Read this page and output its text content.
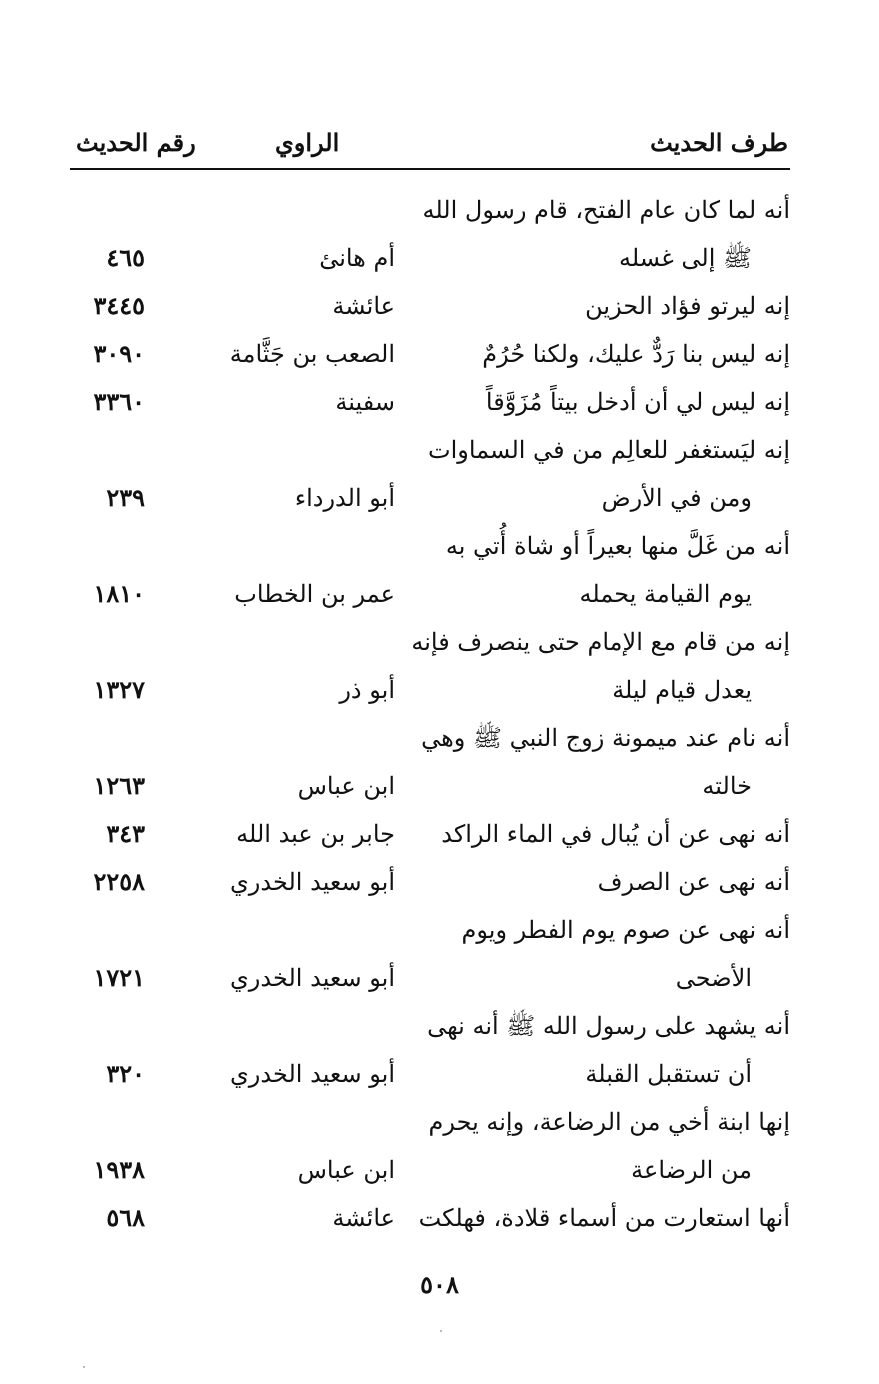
طرف الحديث
الراوي
رقم الحديث
أنه لما كان عام الفتح، قام رسول الله
ﷺ إلى غسله
أم هانئ
٤٦٥
إنه ليرتو فؤاد الحزين
عائشة
٣٤٤٥
إنه ليس بنا رَدٌّ عليك، ولكنا حُرُمٌ
الصعب بن جَثَّامة
٣٠٩٠
إنه ليس لي أن أدخل بيتاً مُزَوَّقاً
سفينة
٣٣٦٠
إنه ليَستغفر للعالِم من في السماوات
ومن في الأرض
أبو الدرداء
٢٣٩
أنه من غَلَّ منها بعيراً أو شاة أُتي به
يوم القيامة يحمله
عمر بن الخطاب
١٨١٠
إنه من قام مع الإمام حتى ينصرف فإنه
يعدل قيام ليلة
أبو ذر
١٣٢٧
أنه نام عند ميمونة زوج النبي ﷺ وهي
خالته
ابن عباس
١٢٦٣
أنه نهى عن أن يُبال في الماء الراكد
جابر بن عبد الله
٣٤٣
أنه نهى عن الصرف
أبو سعيد الخدري
٢٢٥٨
أنه نهى عن صوم يوم الفطر ويوم
الأضحى
أبو سعيد الخدري
١٧٢١
أنه يشهد على رسول الله ﷺ أنه نهى
أن تستقبل القبلة
أبو سعيد الخدري
٣٢٠
إنها ابنة أخي من الرضاعة، وإنه يحرم
من الرضاعة
ابن عباس
١٩٣٨
أنها استعارت من أسماء قلادة، فهلكت
عائشة
٥٦٨
٥٠٨
